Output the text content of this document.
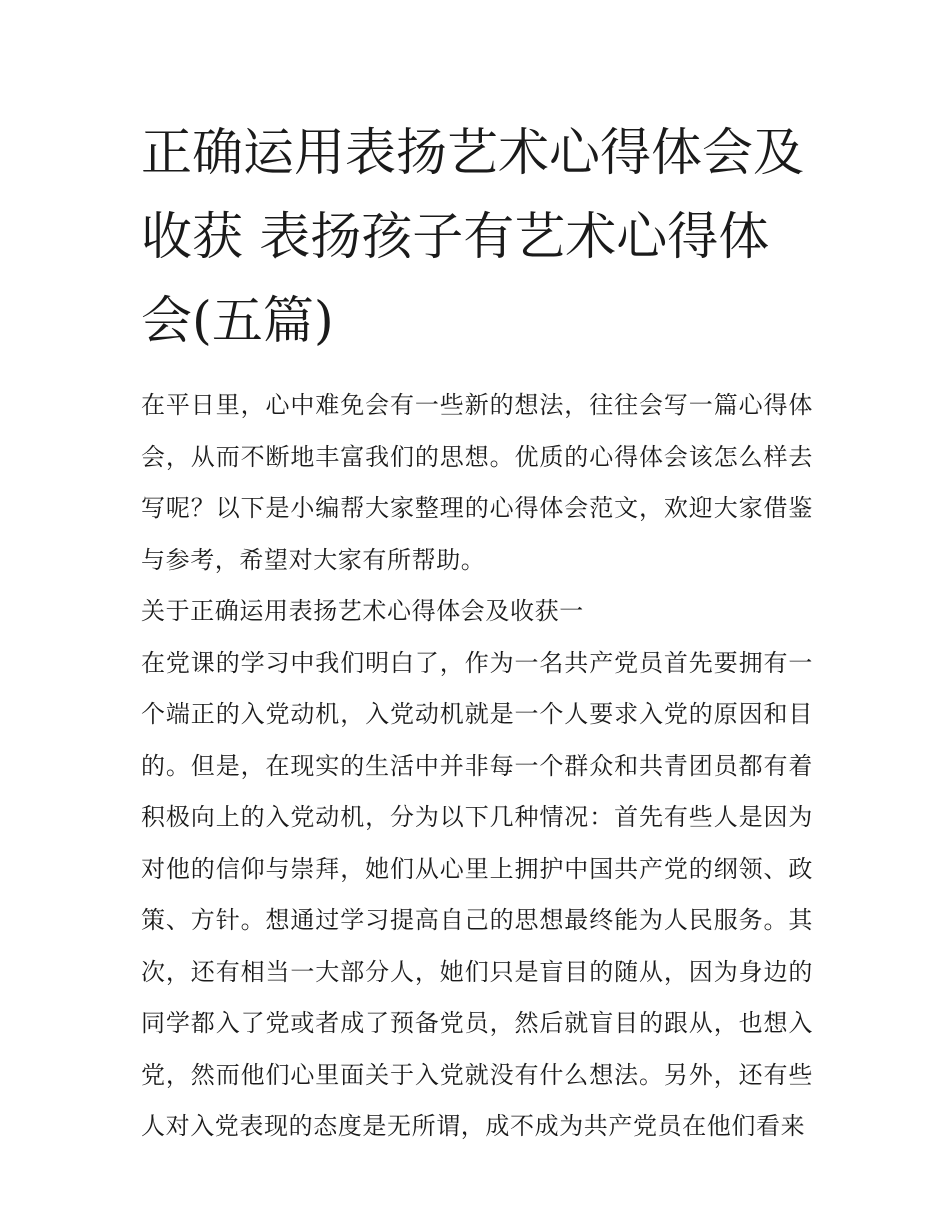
正确运用表扬艺术心得体会及收获 表扬孩子有艺术心得体会(五篇)

在平日里，心中难免会有一些新的想法，往往会写一篇心得体会，从而不断地丰富我们的思想。优质的心得体会该怎么样去写呢？以下是小编帮大家整理的心得体会范文，欢迎大家借鉴与参考，希望对大家有所帮助。

关于正确运用表扬艺术心得体会及收获一

在党课的学习中我们明白了，作为一名共产党员首先要拥有一个端正的入党动机，入党动机就是一个人要求入党的原因和目的。但是，在现实的生活中并非每一个群众和共青团员都有着积极向上的入党动机，分为以下几种情况：首先有些人是因为对他的信仰与崇拜，她们从心里上拥护中国共产党的纲领、政策、方针。想通过学习提高自己的思想最终能为人民服务。其次，还有相当一大部分人，她们只是盲目的随从，因为身边的同学都入了党或者成了预备党员，然后就盲目的跟从，也想入党，然而他们心里面关于入党就没有什么想法。另外，还有些人对入党表现的态度是无所谓，成不成为共产党员在他们看来
